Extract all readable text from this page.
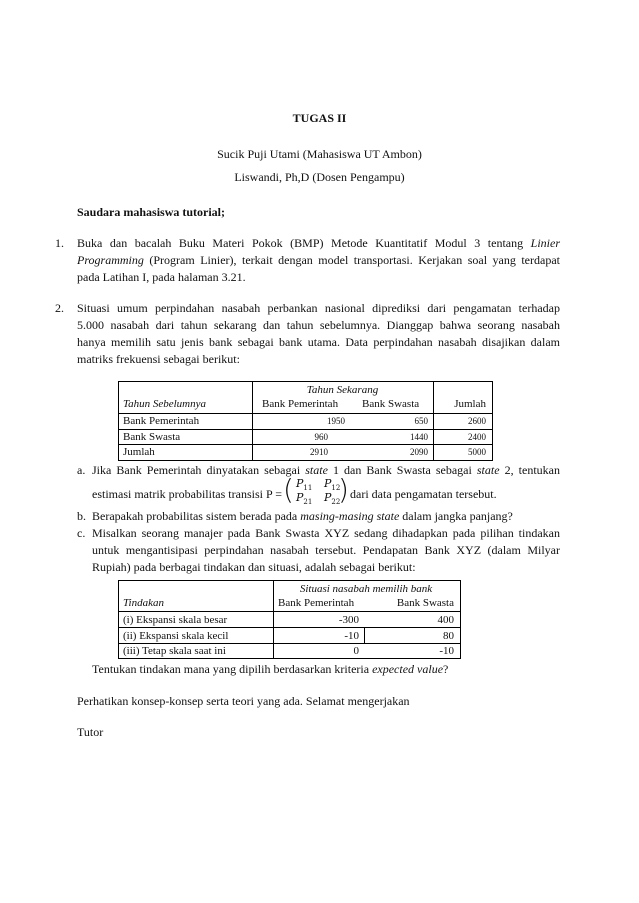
TUGAS II
Sucik Puji Utami (Mahasiswa UT Ambon)
Liswandi, Ph,D (Dosen Pengampu)
Saudara mahasiswa tutorial;
1. Buka dan bacalah Buku Materi Pokok (BMP) Metode Kuantitatif Modul 3 tentang Linier
Programming (Program Linier), terkait dengan model transportasi. Kerjakan soal yang terdapat
pada Latihan I, pada halaman 3.21.
2. Situasi umum perpindahan nasabah perbankan nasional diprediksi dari pengamatan terhadap
5.000 nasabah dari tahun sekarang dan tahun sebelumnya. Dianggap bahwa seorang nasabah
hanya memilih satu jenis bank sebagai bank utama. Data perpindahan nasabah disajikan dalam
matriks frekuensi sebagai berikut:
Tahun Sekarang
Tahun Sebelumnya	Bank Pemerintah Bank Swasta	Jumlah
Bank Pemerintah	1950	650	2600
Bank Swasta	960	1440	2400
Jumlah	2910	2090	5000
a. Jika Bank Pemerintah dinyatakan sebagai state 1 dan Bank Swasta sebagai state 2, tentukan
estimasi matrik probabilitas transisi P = ( )
$P_{11}$ $P_{12}$
$P_{21}$ $P_{22}$
dari data pengamatan tersebut.
b. Berapakah probabilitas sistem berada pada masing-masing state dalam jangka panjang?
c. Misalkan seorang manajer pada Bank Swasta XYZ sedang dihadapkan pada pilihan tindakan
untuk mengantisipasi perpindahan nasabah tersebut. Pendapatan Bank XYZ (dalam Milyar
Rupiah) pada berbagai tindakan dan situasi, adalah sebagai berikut:
Situasi nasabah memilih bank
Tindakan	Bank Pemerintah	Bank Swasta
(i) Ekspansi skala besar	-300	400
(ii) Ekspansi skala kecil	-10	80
(iii) Tetap skala saat ini	0	-10
Tentukan tindakan mana yang dipilih berdasarkan kriteria expected value?
Perhatikan konsep-konsep serta teori yang ada. Selamat mengerjakan
Tutor
